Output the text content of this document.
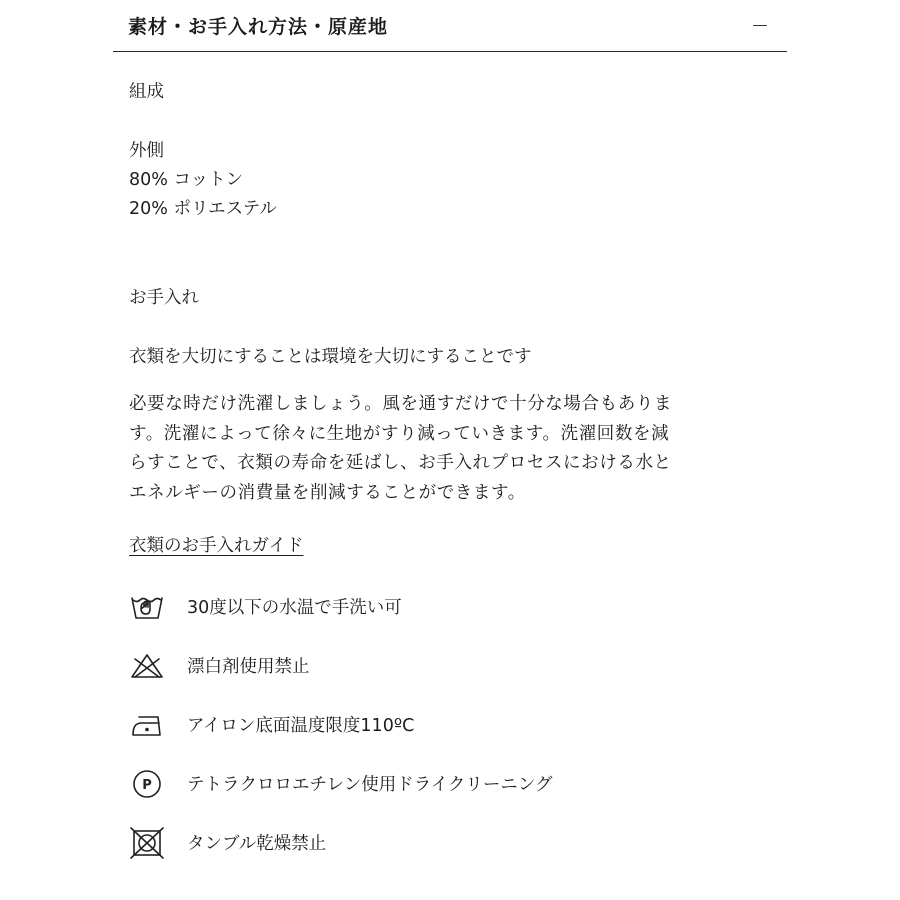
素材・お手入れ方法・原産地

組成

外側

80% コットン

20% ポリエステル

お手入れ

衣類を大切にすることは環境を大切にすることです

必要な時だけ洗濯しましょう。風を通すだけで十分な場合もありま
す。洗濯によって徐々に生地がすり減っていきます。洗濯回数を減
らすことで、衣類の寿命を延ばし、お手入れプロセスにおける水と
エネルギーの消費量を削減することができます。

衣類のお手入れガイド
30度以下の水温で手洗い可
漂白剤使用禁止
アイロン底面温度限度110ºC
P テトラクロロエチレン使用ドライクリーニング
タンブル乾燥禁止
